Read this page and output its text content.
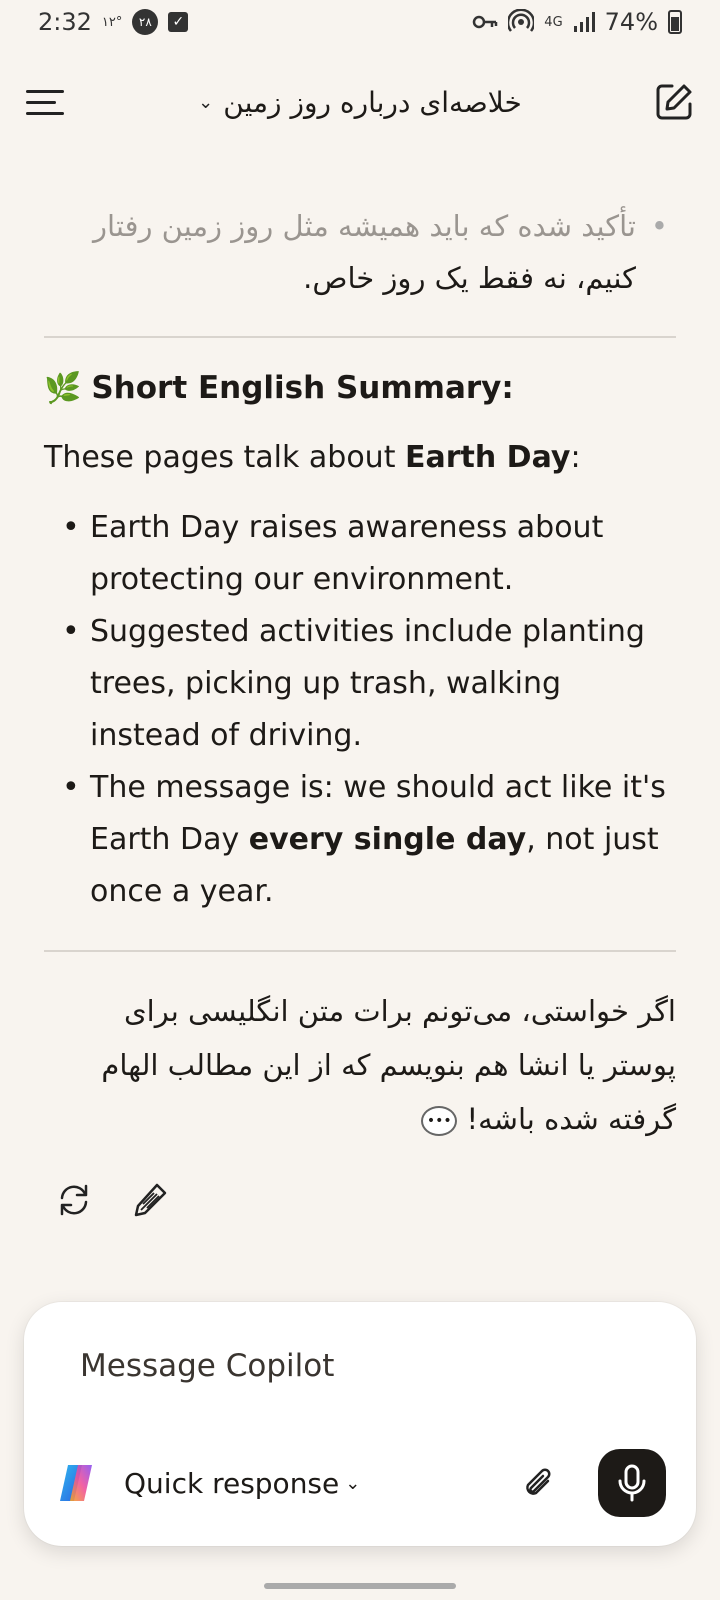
2:32 ۱۲°	۲۸	✓	4G 74%
خلاصه‌ای درباره روز زمین
⌄
• تأکید شده که باید همیشه مثل روز زمین رفتار
کنیم، نه فقط یک روز خاص.
🌿 Short English Summary:
These pages talk about Earth Day:
• Earth Day raises awareness about protecting our environment.
• Suggested activities include planting trees, picking up trash, walking instead of driving.
• The message is: we should act like it's Earth Day every single day, not just once a year.
اگر خواستی، می‌تونم برات متن انگلیسی برای پوستر یا انشا هم بنویسم که از این مطالب الهام گرفته شده باشه! •••
Message Copilot
Quick response ⌄
